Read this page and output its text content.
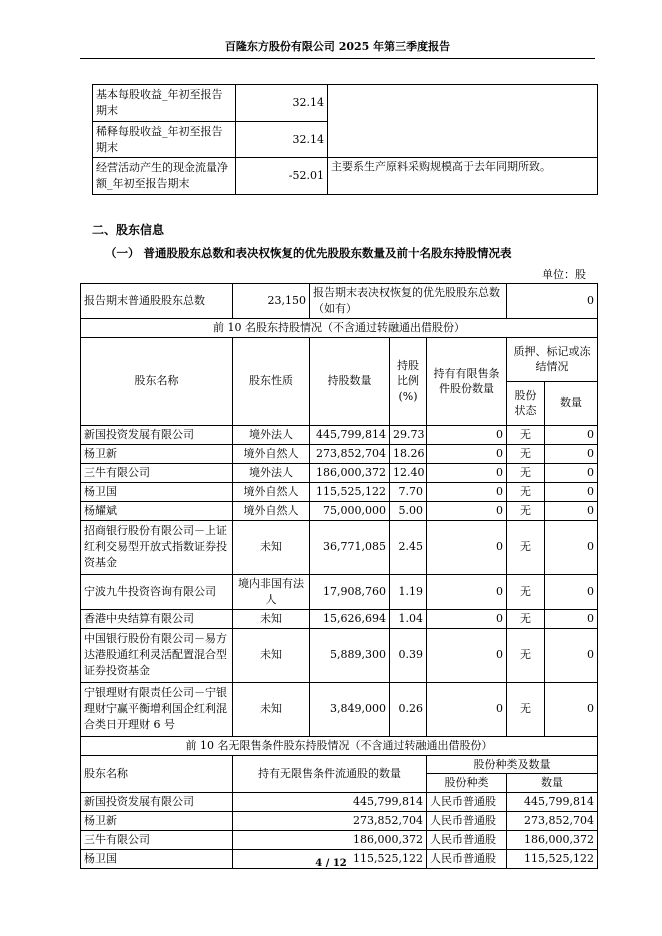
百隆东方股份有限公司 2025 年第三季度报告
基本每股收益_年初至报告期末	32.14	
稀释每股收益_年初至报告期末	32.14	
经营活动产生的现金流量净额_年初至报告期末	-52.01	主要系生产原料采购规模高于去年同期所致。
二、股东信息
（一） 普通股股东总数和表决权恢复的优先股股东数量及前十名股东持股情况表
单位：股
报告期末普通股股东总数	23,150	报告期末表决权恢复的优先股股东总数（如有）			0	
前 10 名股东持股情况（不含通过转融通出借股份）						
股东名称	股东性质	持股数量	持股比例(%)	持有有限售条件股份数量	质押、标记或冻结情况	
					股份状态	数量
新国投资发展有限公司	境外法人	445,799,814	29.73	0	无	0
杨卫新	境外自然人	273,852,704	18.26	0	无	0
三牛有限公司	境外法人	186,000,372	12.40	0	无	0
杨卫国	境外自然人	115,525,122	7.70	0	无	0
杨耀斌	境外自然人	75,000,000	5.00	0	无	0
招商银行股份有限公司－上证红利交易型开放式指数证券投资基金	未知	36,771,085	2.45	0	无	0
宁波九牛投资咨询有限公司	境内非国有法人	17,908,760	1.19	0	无	0
香港中央结算有限公司	未知	15,626,694	1.04	0	无	0
中国银行股份有限公司－易方达港股通红利灵活配置混合型证券投资基金	未知	5,889,300	0.39	0	无	0
宁银理财有限责任公司－宁银理财宁赢平衡增利国企红利混合类日开理财 6 号	未知	3,849,000	0.26	0	无	0
前 10 名无限售条件股东持股情况（不含通过转融通出借股份）						
股东名称	持有无限售条件流通股的数量			股份种类及数量		
				股份种类	数量	
新国投资发展有限公司	445,799,814			人民币普通股	445,799,814	
杨卫新	273,852,704			人民币普通股	273,852,704	
三牛有限公司	186,000,372			人民币普通股	186,000,372	
杨卫国	115,525,122			人民币普通股	115,525,122	
4 / 12
